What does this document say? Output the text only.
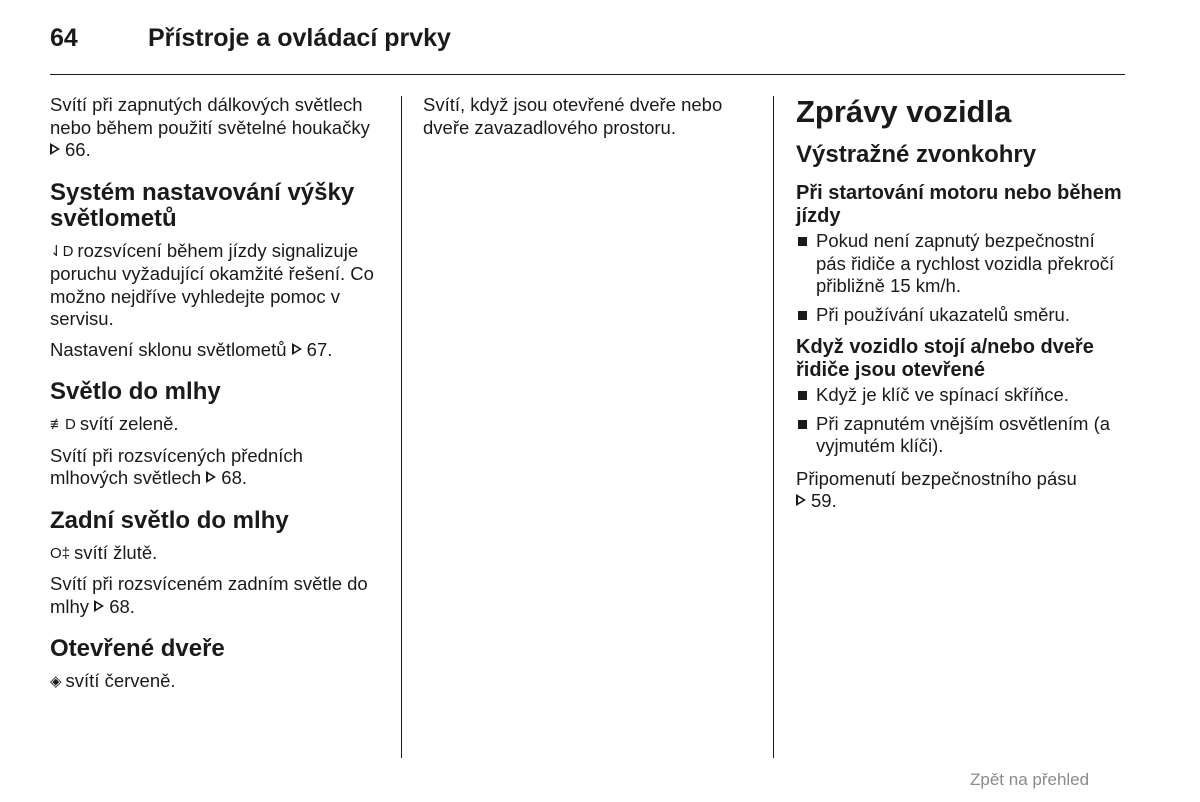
64	Přístroje a ovládací prvky

Svítí při zapnutých dálkových světlech nebo během použití světelné houkačky 66.

Systém nastavování výšky světlometů

⇃D rozsvícení během jízdy signalizuje poruchu vyžadující okamžité řešení. Co možno nejdříve vyhledejte pomoc v servisu.

Nastavení sklonu světlometů 67.

Světlo do mlhy

≢D svítí zeleně.

Svítí při rozsvícených předních mlhových světlech 68.

Zadní světlo do mlhy

O‡ svítí žlutě.

Svítí při rozsvíceném zadním světle do mlhy 68.

Otevřené dveře

◈ svítí červeně.

Svítí, když jsou otevřené dveře nebo dveře zavazadlového prostoru.	Zprávy vozidla
Výstražné zvonkohry
Při startování motoru nebo během jízdy
Pokud není zapnutý bezpečnostní pás řidiče a rychlost vozidla překročí přibližně 15 km/h.
Při používání ukazatelů směru.
Když vozidlo stojí a/nebo dveře řidiče jsou otevřené
Když je klíč ve spínací skříňce.
Při zapnutém vnějším osvětlením (a vyjmutém klíči).

Připomenutí bezpečnostního pásu
59.

Zpět na přehled
